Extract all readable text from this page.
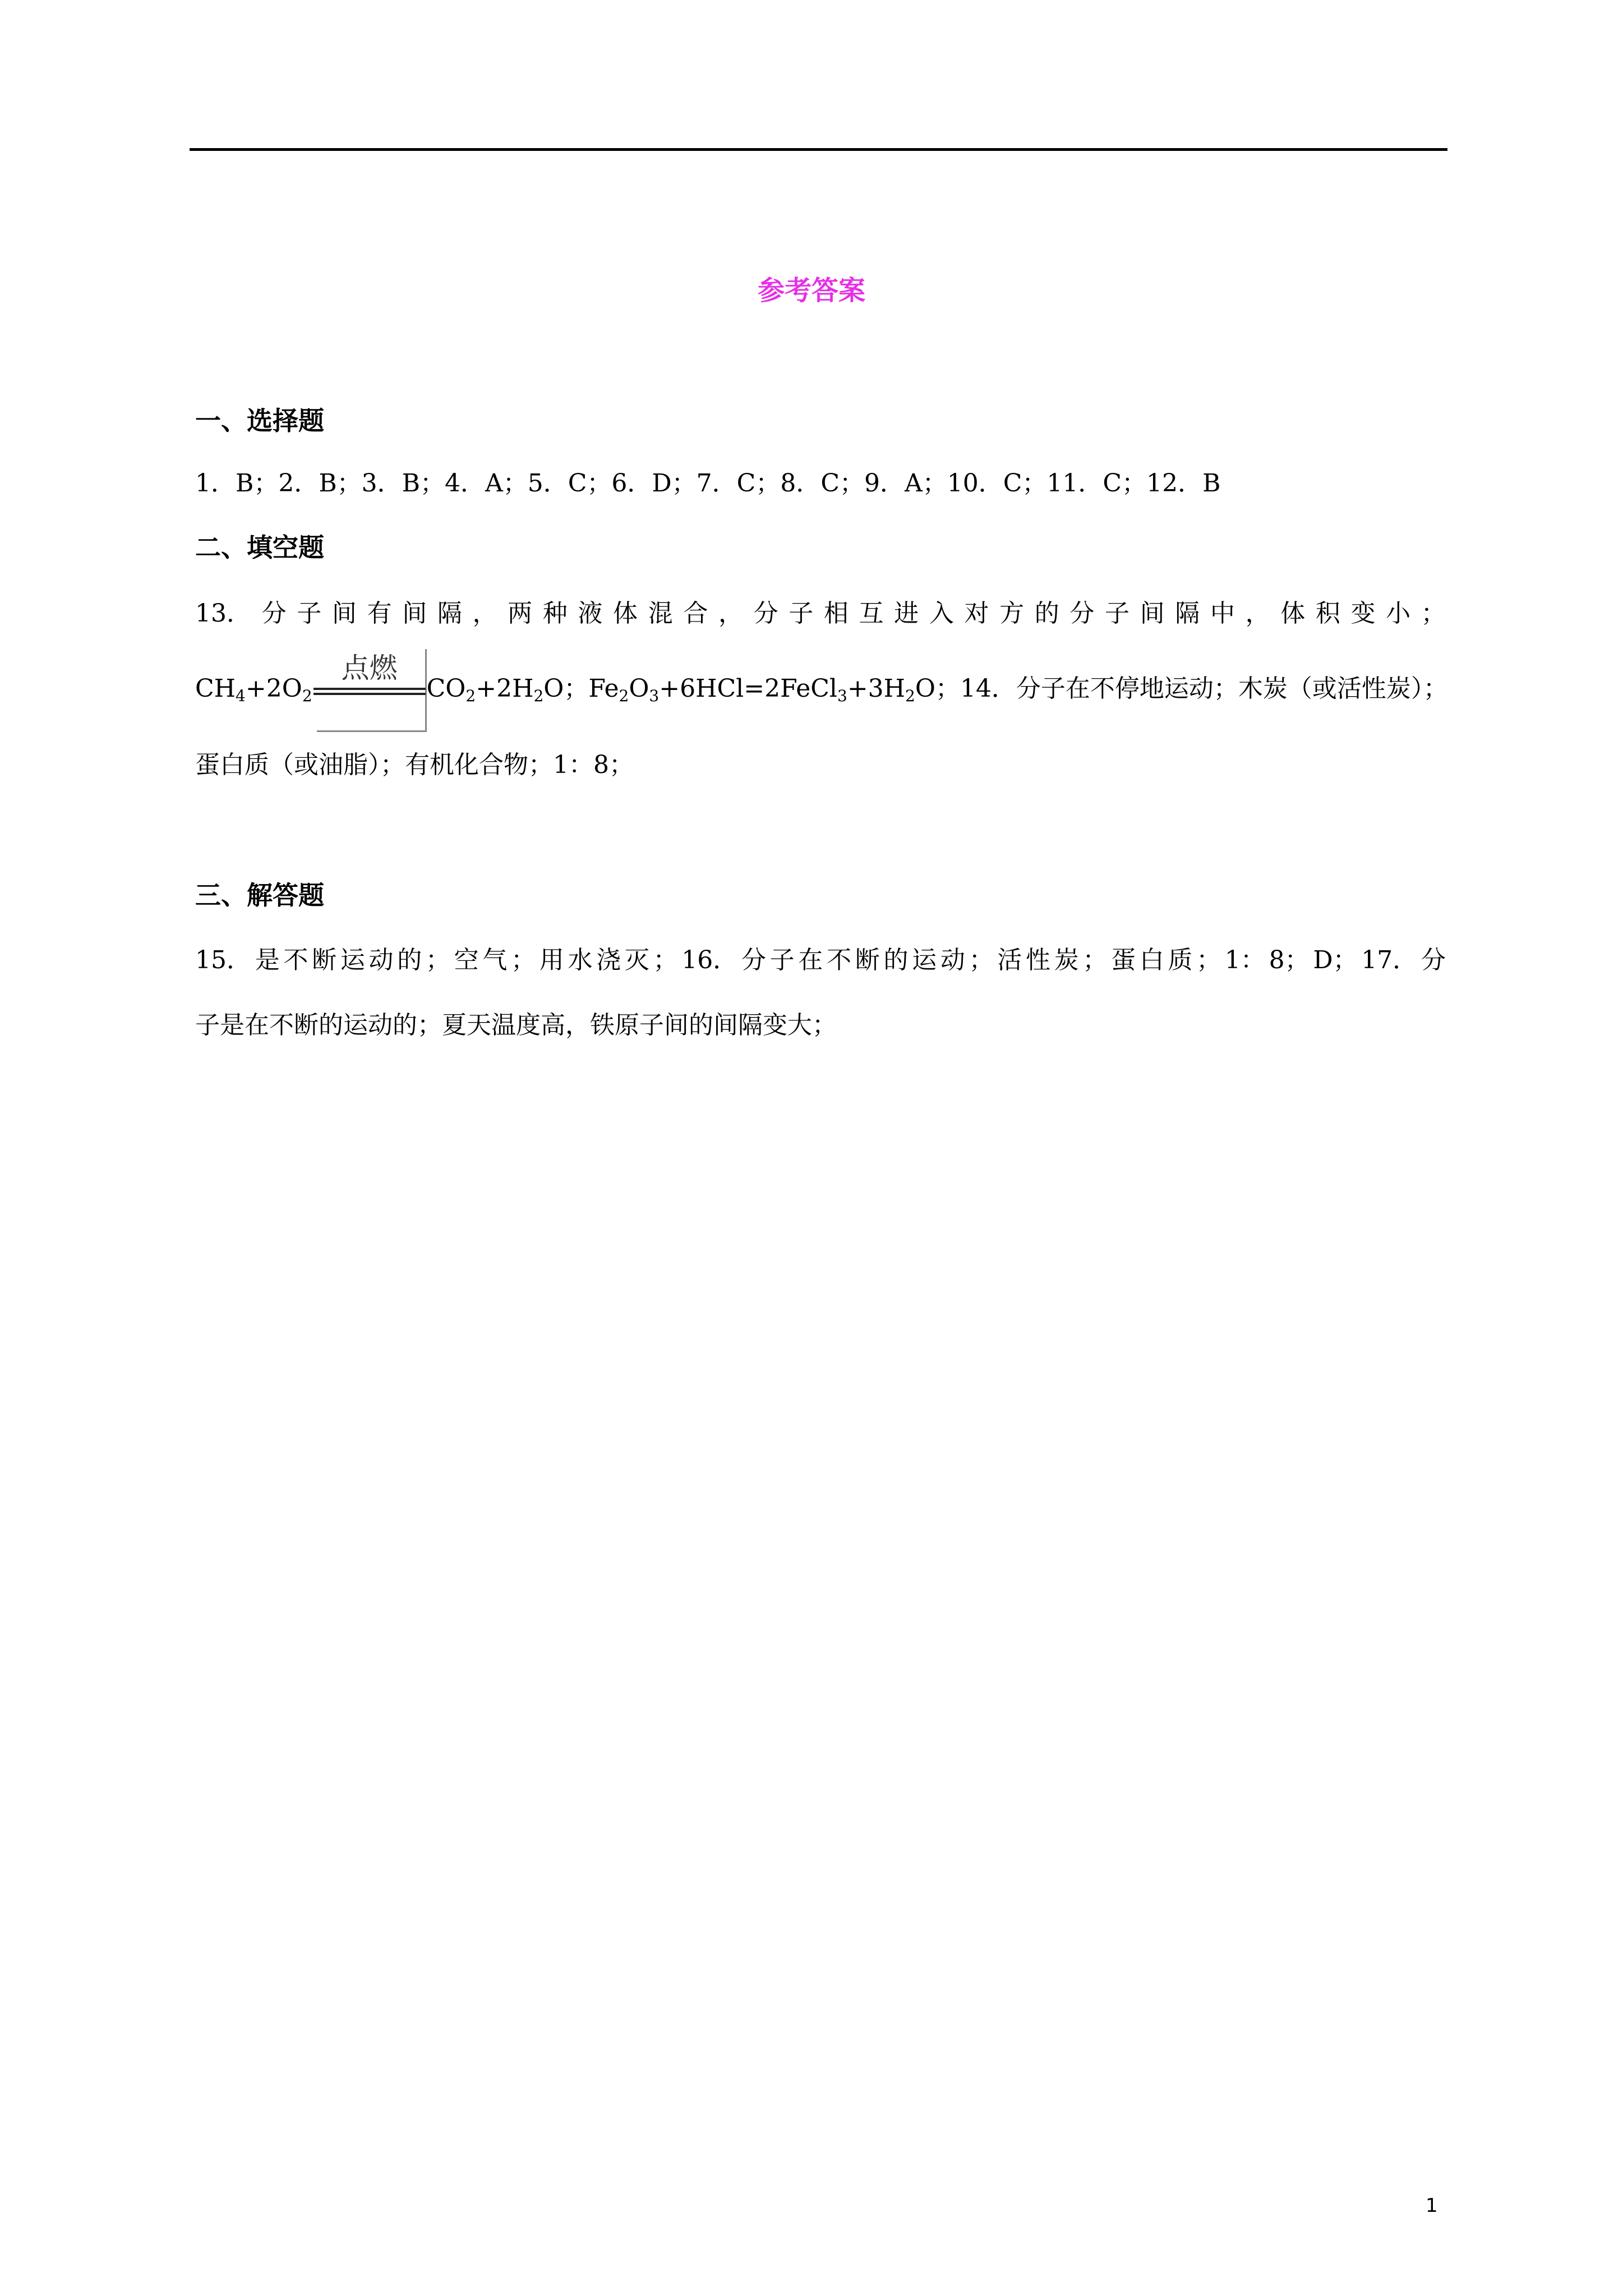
参考答案
一、选择题
1．B；2．B；3．B；4．A；5．C；6．D；7．C；8．C；9．A；10．C；11．C；12．B
二、填空题
13． 分 子 间 有 间 隔 ， 两 种 液 体 混 合 ， 分 子 相 互 进 入 对 方 的 分 子 间 隔 中 ， 体 积 变 小 ；
$CH_4+2O_2$
点燃
$CO_2+2H_2O$；$Fe_2O_3+6HCl=2FeCl_3+3H_2O$；14．分子在不停地运动；木炭（或活性炭）；
蛋白质（或油脂）；有机化合物；1：8；
三、解答题
15． 是 不 断 运 动 的 ； 空 气 ； 用 水 浇 灭 ； 16． 分 子 在 不 断 的 运 动 ； 活 性 炭 ； 蛋 白 质 ； 1： 8； D； 17． 分
子是在不断的运动的；夏天温度高，铁原子间的间隔变大；
1
